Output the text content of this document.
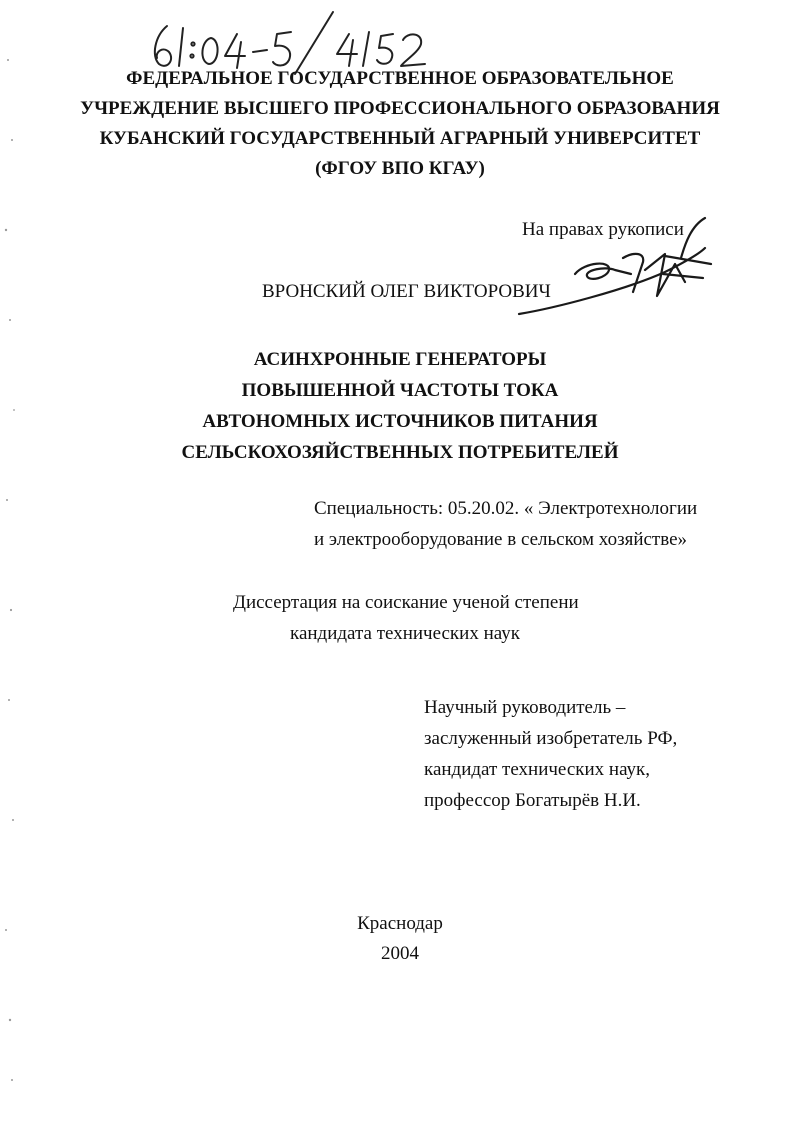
ФЕДЕРАЛЬНОЕ ГОСУДАРСТВЕННОЕ ОБРАЗОВАТЕЛЬНОЕ
УЧРЕЖДЕНИЕ ВЫСШЕГО ПРОФЕССИОНАЛЬНОГО ОБРАЗОВАНИЯ
КУБАНСКИЙ ГОСУДАРСТВЕННЫЙ АГРАРНЫЙ УНИВЕРСИТЕТ
(ФГОУ ВПО КГАУ)
На правах рукописи
ВРОНСКИЙ ОЛЕГ ВИКТОРОВИЧ
АСИНХРОННЫЕ ГЕНЕРАТОРЫ
ПОВЫШЕННОЙ ЧАСТОТЫ ТОКА
АВТОНОМНЫХ ИСТОЧНИКОВ ПИТАНИЯ
СЕЛЬСКОХОЗЯЙСТВЕННЫХ ПОТРЕБИТЕЛЕЙ
Специальность: 05.20.02. « Электротехнологии
и электрооборудование в сельском хозяйстве»
Диссертация на соискание ученой степени
кандидата технических наук
Научный руководитель –
заслуженный изобретатель РФ,
кандидат технических наук,
профессор Богатырёв Н.И.
Краснодар
2004
